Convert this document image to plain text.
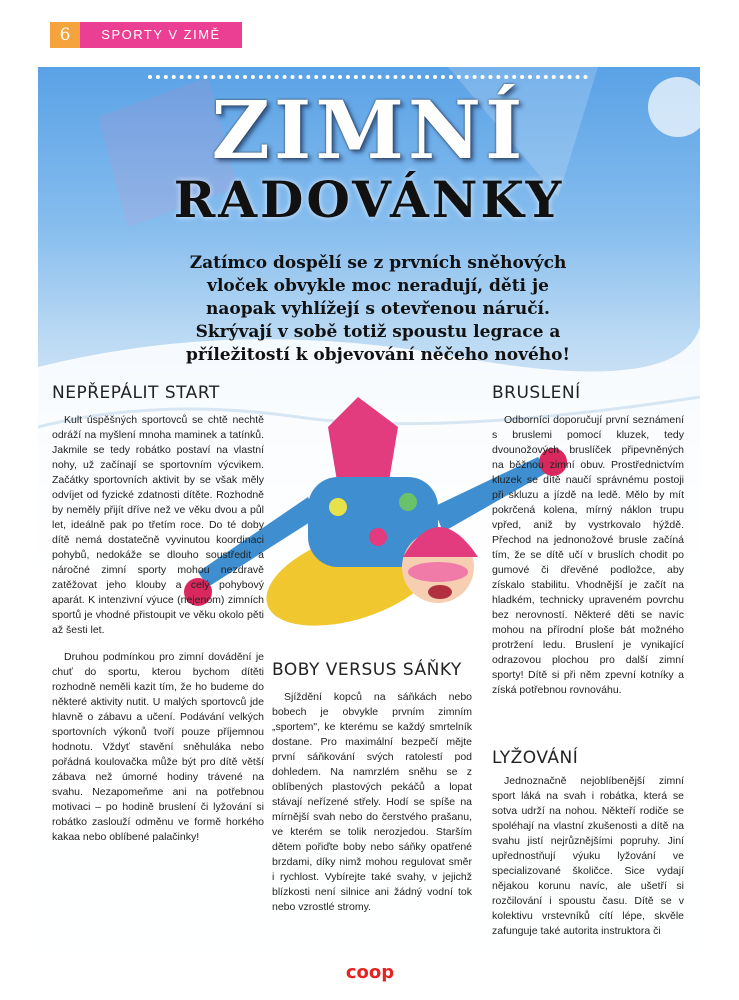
6	SPORTY V ZIMĚ
ZIMNÍ
RADOVÁNKY

Zatímco dospělí se z prvních sněhových vloček obvykle moc neradují, děti je naopak vyhlížejí s otevřenou náručí. Skrývají v sobě totiž spoustu legrace a příležitostí k objevování něčeho nového!

NEPŘEPÁLIT START

Kult úspěšných sportovců se chtě nechtě odráží na myšlení mnoha maminek a tatínků. Jakmile se tedy robátko postaví na vlastní nohy, už začínají se sportovním výcvikem. Začátky sportovních aktivit by se však měly odvíjet od fyzické zdatnosti dítěte. Rozhodně by neměly přijít dříve než ve věku dvou a půl let, ideálně pak po třetím roce. Do té doby dítě nemá dostatečně vyvinutou koordinaci pohybů, nedokáže se dlouho soustředit a náročné zimní sporty mohou nezdravě zatěžovat jeho klouby a celý pohybový aparát. K intenzivní výuce (nejenom) zimních sportů je vhodné přistoupit ve věku okolo pěti až šesti let.

Druhou podmínkou pro zimní dovádění je chuť do sportu, kterou bychom dítěti rozhodně neměli kazit tím, že ho budeme do některé aktivity nutit. U malých sportovců jde hlavně o zábavu a učení. Podávání velkých sportovních výkonů tvoří pouze příjemnou hodnotu. Vždyť stavění sněhuláka nebo pořádná koulovačka může být pro dítě větší zábava než úmorné hodiny trávené na svahu. Nezapomeňme ani na potřebnou motivaci – po hodině bruslení či lyžování si robátko zaslouží odměnu ve formě horkého kakaa nebo oblíbené palačinky!

BOBY VERSUS SÁŇKY

Sjíždění kopců na sáňkách nebo bobech je obvykle prvním zimním „sportem", ke kterému se každý smrtelník dostane. Pro maximální bezpečí mějte první sáňkování svých ratolestí pod dohledem. Na namrzlém sněhu se z oblíbených plastových pekáčů a lopat stávají neřízené střely. Hodí se spíše na mírnější svah nebo do čerstvého prašanu, ve kterém se tolik nerozjedou. Starším dětem pořiďte boby nebo sáňky opatřené brzdami, díky nimž mohou regulovat směr i rychlost. Vybírejte také svahy, v jejichž blízkosti není silnice ani žádný vodní tok nebo vzrostlé stromy.

BRUSLENÍ

Odborníci doporučují první seznámení s bruslemi pomocí kluzek, tedy dvounožových bruslíček připevněných na běžnou zimní obuv. Prostřednictvím kluzek se dítě naučí správnému postoji při skluzu a jízdě na ledě. Mělo by mít pokrčená kolena, mírný náklon trupu vpřed, aniž by vystrkovalo hýždě. Přechod na jednonožové brusle začíná tím, že se dítě učí v bruslích chodit po gumové či dřevěné podložce, aby získalo stabilitu. Vhodnější je začít na hladkém, technicky upraveném povrchu bez nerovností. Některé děti se navíc mohou na přírodní ploše bát možného protržení ledu. Bruslení je vynikající odrazovou plochou pro další zimní sporty! Dítě si při něm zpevní kotníky a získá potřebnou rovnováhu.

LYŽOVÁNÍ

Jednoznačně nejoblíbenější zimní sport láká na svah i robátka, která se sotva udrží na nohou. Někteří rodiče se spoléhají na vlastní zkušenosti a dítě na svahu jistí nejrůznějšími popruhy. Jiní upřednostňují výuku lyžování ve specializované školičce. Sice vydají nějakou korunu navíc, ale ušetří si rozčilování i spoustu času. Dítě se v kolektivu vrstevníků cítí lépe, skvěle zafunguje také autorita instruktora či

coop
